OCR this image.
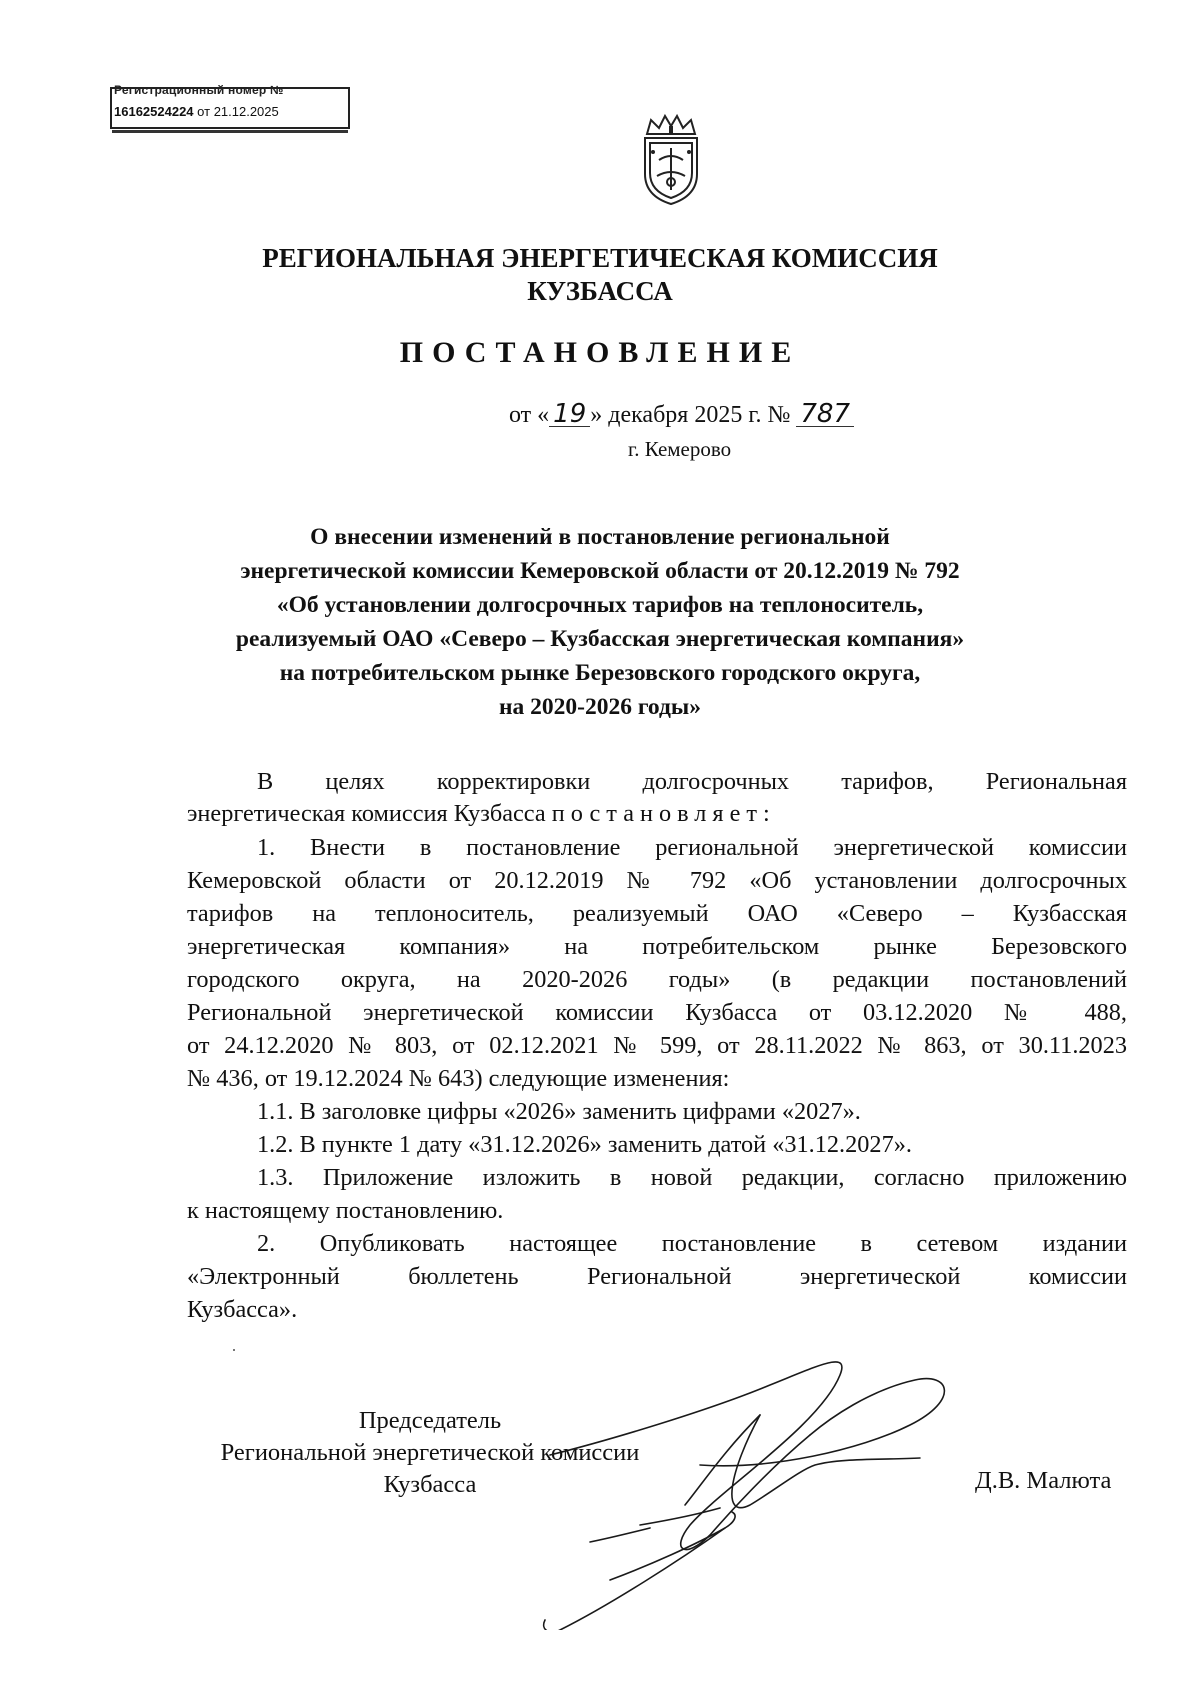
Регистрационный номер №
16162524224 от 21.12.2025
РЕГИОНАЛЬНАЯ ЭНЕРГЕТИЧЕСКАЯ КОМИССИЯ
КУЗБАССА
ПОСТАНОВЛЕНИЕ
от « 19 » декабря 2025 г. № 787
г. Кемерово
О внесении изменений в постановление региональной
энергетической комиссии Кемеровской области от 20.12.2019 № 792
«Об установлении долгосрочных тарифов на теплоноситель,
реализуемый ОАО «Северо – Кузбасская энергетическая компания»
на потребительском рынке Березовского городского округа,
на 2020-2026 годы»
В целях корректировки долгосрочных тарифов, Региональная
энергетическая комиссия Кузбасса постановляет:
1. Внести в постановление региональной энергетической комиссии
Кемеровской области от 20.12.2019 № 792 «Об установлении долгосрочных
тарифов на теплоноситель, реализуемый ОАО «Северо – Кузбасская
энергетическая компания» на потребительском рынке Березовского
городского округа, на 2020-2026 годы» (в редакции постановлений
Региональной энергетической комиссии Кузбасса от 03.12.2020 № 488,
от 24.12.2020 № 803, от 02.12.2021 № 599, от 28.11.2022 № 863, от 30.11.2023
№ 436, от 19.12.2024 № 643) следующие изменения:
1.1. В заголовке цифры «2026» заменить цифрами «2027».
1.2. В пункте 1 дату «31.12.2026» заменить датой «31.12.2027».
1.3. Приложение изложить в новой редакции, согласно приложению
к настоящему постановлению.
2. Опубликовать настоящее постановление в сетевом издании
«Электронный бюллетень Региональной энергетической комиссии
Кузбасса».
Председатель
Региональной энергетической комиссии
Кузбасса	Д.В. Малюта
